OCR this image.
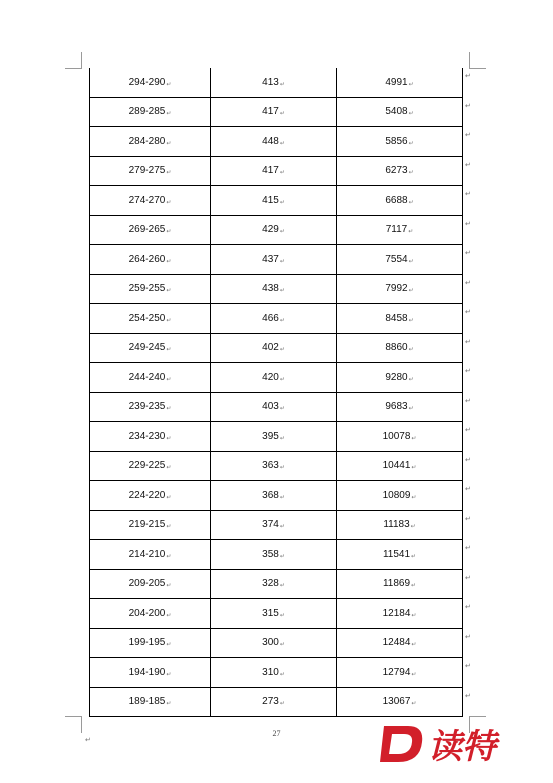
294-290↵	413↵	4991↵
289-285↵	417↵	5408↵
284-280↵	448↵	5856↵
279-275↵	417↵	6273↵
274-270↵	415↵	6688↵
269-265↵	429↵	7117↵
264-260↵	437↵	7554↵
259-255↵	438↵	7992↵
254-250↵	466↵	8458↵
249-245↵	402↵	8860↵
244-240↵	420↵	9280↵
239-235↵	403↵	9683↵
234-230↵	395↵	10078↵
229-225↵	363↵	10441↵
224-220↵	368↵	10809↵
219-215↵	374↵	11183↵
214-210↵	358↵	11541↵
209-205↵	328↵	11869↵
204-200↵	315↵	12184↵
199-195↵	300↵	12484↵
194-190↵	310↵	12794↵
189-185↵	273↵	13067↵
↵
↵
↵
↵
↵
↵
↵
↵
↵
↵
↵
↵
↵
↵
↵
↵
↵
↵
↵
↵
↵
↵
27
↵	读特
